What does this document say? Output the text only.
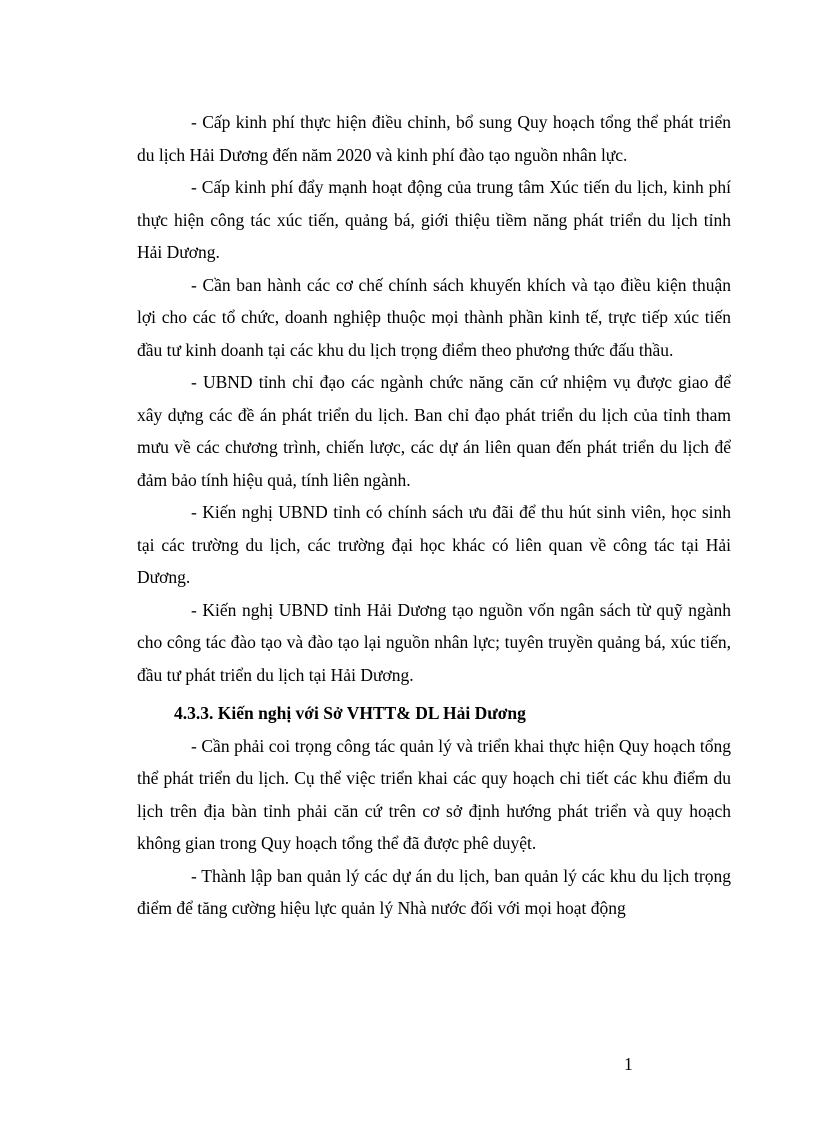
- Cấp kinh phí thực hiện điều chỉnh, bổ sung Quy hoạch tổng thể phát triển du lịch Hải Dương đến năm 2020 và kinh phí đào tạo nguồn nhân lực.

- Cấp kinh phí đẩy mạnh hoạt động của trung tâm Xúc tiến du lịch, kinh phí thực hiện công tác xúc tiến, quảng bá, giới thiệu tiềm năng phát triển du lịch tỉnh Hải Dương.

- Cần ban hành các cơ chế chính sách khuyến khích và tạo điều kiện thuận lợi cho các tổ chức, doanh nghiệp thuộc mọi thành phần kinh tế, trực tiếp xúc tiến đầu tư kinh doanh tại các khu du lịch trọng điểm theo phương thức đấu thầu.

- UBND tỉnh chỉ đạo các ngành chức năng căn cứ nhiệm vụ được giao để xây dựng các đề án phát triển du lịch. Ban chỉ đạo phát triển du lịch của tỉnh tham mưu về các chương trình, chiến lược, các dự án liên quan đến phát triển du lịch để đảm bảo tính hiệu quả, tính liên ngành.

- Kiến nghị UBND tỉnh có chính sách ưu đãi để thu hút sinh viên, học sinh tại các trường du lịch, các trường đại học khác có liên quan về công tác tại Hải Dương.

- Kiến nghị UBND tỉnh Hải Dương tạo nguồn vốn ngân sách từ quỹ ngành cho công tác đào tạo và đào tạo lại nguồn nhân lực; tuyên truyền quảng bá, xúc tiến, đầu tư phát triển du lịch tại Hải Dương.

4.3.3. Kiến nghị với Sở VHTT& DL Hải Dương

- Cần phải coi trọng công tác quản lý và triển khai thực hiện Quy hoạch tổng thể phát triển du lịch. Cụ thể việc triển khai các quy hoạch chi tiết các khu điểm du lịch trên địa bàn tỉnh phải căn cứ trên cơ sở định hướng phát triển và quy hoạch không gian trong Quy hoạch tổng thể đã được phê duyệt.

- Thành lập ban quản lý các dự án du lịch, ban quản lý các khu du lịch trọng điểm để tăng cường hiệu lực quản lý Nhà nước đối với mọi hoạt động

1
